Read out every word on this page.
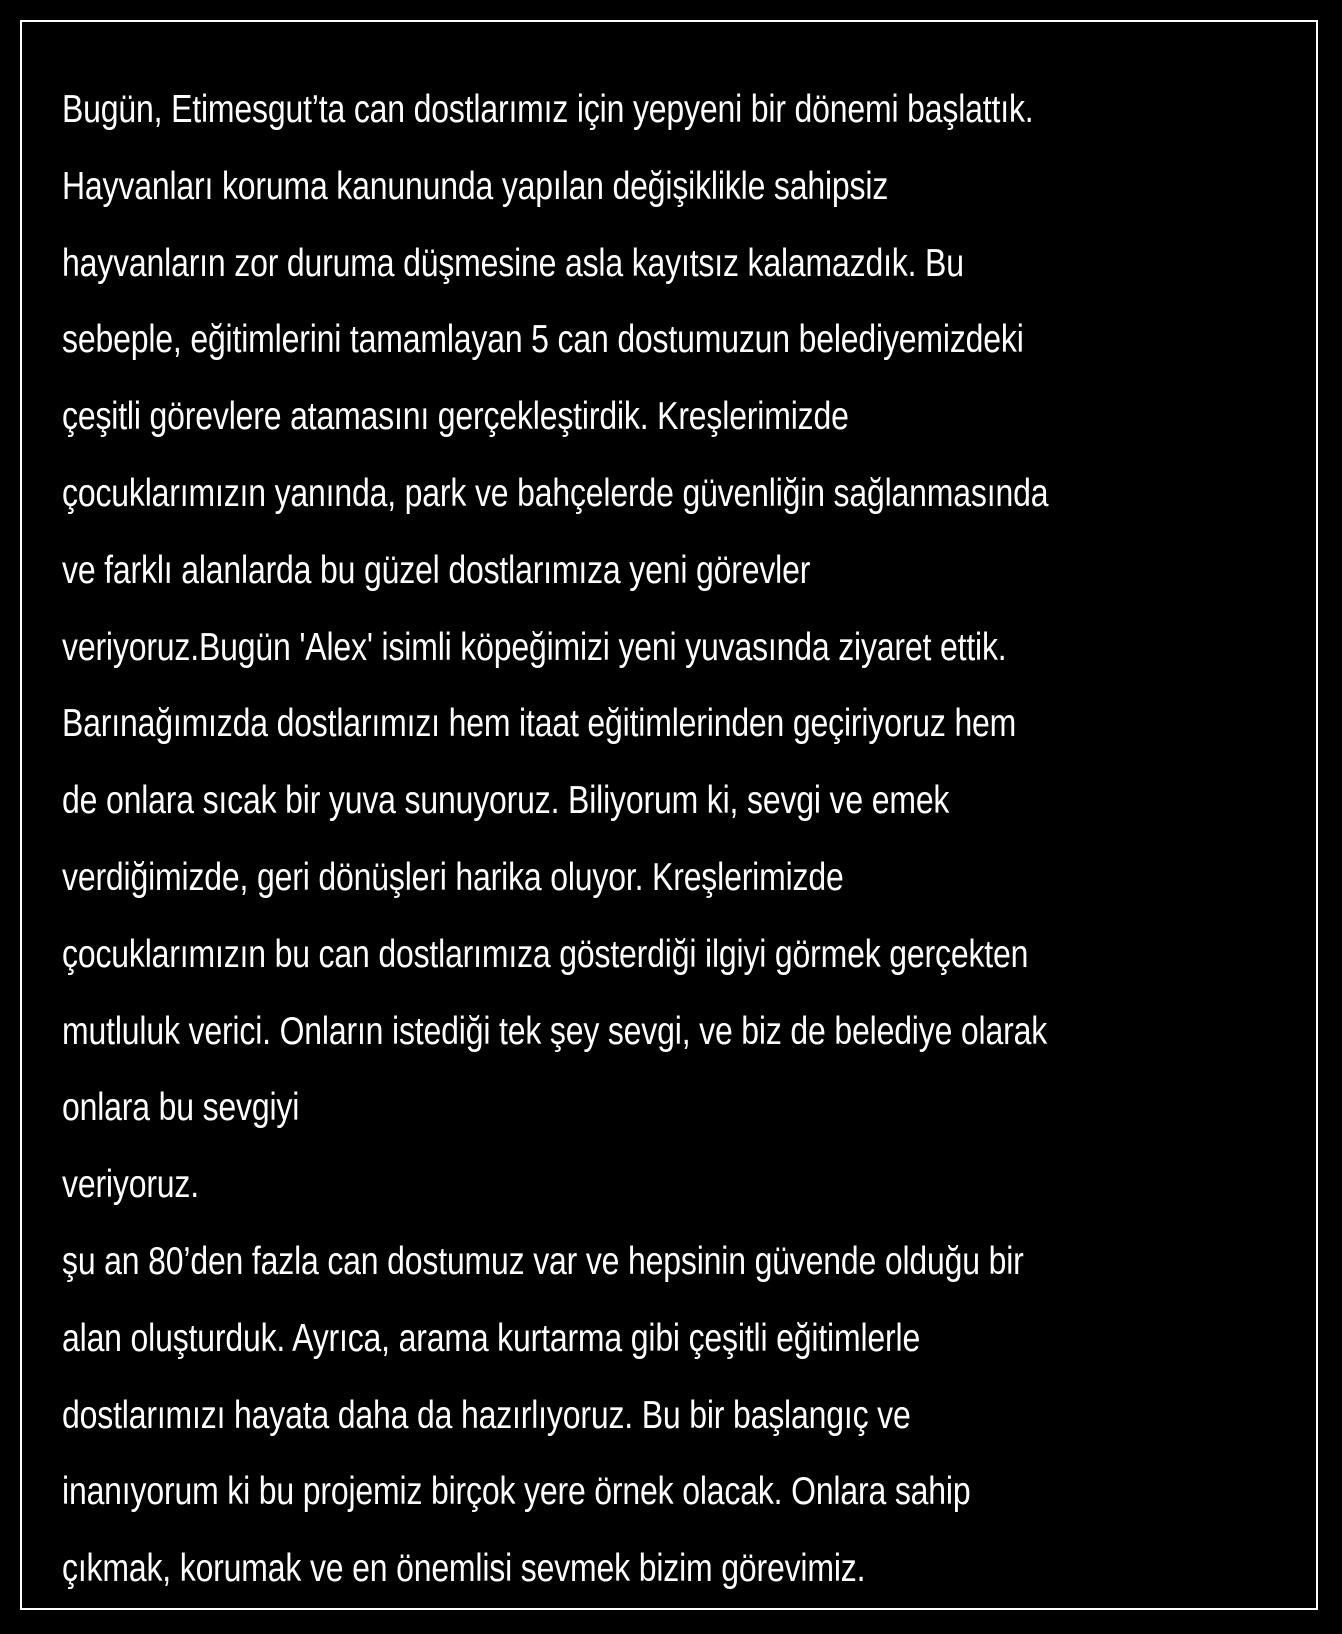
Bugün, Etimesgut’ta can dostlarımız için yepyeni bir dönemi başlattık.
Hayvanları koruma kanununda yapılan değişiklikle sahipsiz
hayvanların zor duruma düşmesine asla kayıtsız kalamazdık. Bu
sebeple, eğitimlerini tamamlayan 5 can dostumuzun belediyemizdeki
çeşitli görevlere atamasını gerçekleştirdik. Kreşlerimizde
çocuklarımızın yanında, park ve bahçelerde güvenliğin sağlanmasında
ve farklı alanlarda bu güzel dostlarımıza yeni görevler
veriyoruz.Bugün 'Alex' isimli köpeğimizi yeni yuvasında ziyaret ettik.
Barınağımızda dostlarımızı hem itaat eğitimlerinden geçiriyoruz hem
de onlara sıcak bir yuva sunuyoruz. Biliyorum ki, sevgi ve emek
verdiğimizde, geri dönüşleri harika oluyor. Kreşlerimizde
çocuklarımızın bu can dostlarımıza gösterdiği ilgiyi görmek gerçekten
mutluluk verici. Onların istediği tek şey sevgi, ve biz de belediye olarak
onlara bu sevgiyi
veriyoruz.
şu an 80’den fazla can dostumuz var ve hepsinin güvende olduğu bir
alan oluşturduk. Ayrıca, arama kurtarma gibi çeşitli eğitimlerle
dostlarımızı hayata daha da hazırlıyoruz. Bu bir başlangıç ve
inanıyorum ki bu projemiz birçok yere örnek olacak. Onlara sahip
çıkmak, korumak ve en önemlisi sevmek bizim görevimiz.
